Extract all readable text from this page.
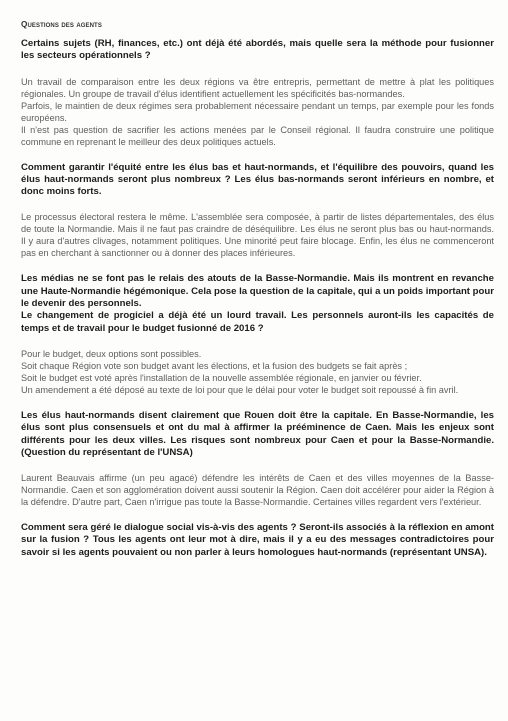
Questions des agents

Certains sujets (RH, finances, etc.) ont déjà été abordés, mais quelle sera la méthode pour fusionner les secteurs opérationnels ?

Un travail de comparaison entre les deux régions va être entrepris, permettant de mettre à plat les politiques régionales. Un groupe de travail d'élus identifient actuellement les spécificités bas-normandes.

Parfois, le maintien de deux régimes sera probablement nécessaire pendant un temps, par exemple pour les fonds européens.

Il n'est pas question de sacrifier les actions menées par le Conseil régional. Il faudra construire une politique commune en reprenant le meilleur des deux politiques actuels.

Comment garantir l'équité entre les élus bas et haut-normands, et l'équilibre des pouvoirs, quand les élus haut-normands seront plus nombreux ? Les élus bas-normands seront inférieurs en nombre, et donc moins forts.

Le processus électoral restera le même. L'assemblée sera composée, à partir de listes départementales, des élus de toute la Normandie. Mais il ne faut pas craindre de déséquilibre. Les élus ne seront plus bas ou haut-normands. Il y aura d'autres clivages, notamment politiques. Une minorité peut faire blocage. Enfin, les élus ne commenceront pas en cherchant à sanctionner ou à donner des places inférieures.

Les médias ne se font pas le relais des atouts de la Basse-Normandie. Mais ils montrent en revanche une Haute-Normandie hégémonique. Cela pose la question de la capitale, qui a un poids important pour le devenir des personnels.

Le changement de progiciel a déjà été un lourd travail. Les personnels auront-ils les capacités de temps et de travail pour le budget fusionné de 2016 ?

Pour le budget, deux options sont possibles.

Soit chaque Région vote son budget avant les élections, et la fusion des budgets se fait après ;

Soit le budget est voté après l'installation de la nouvelle assemblée régionale, en janvier ou février.

Un amendement a été déposé au texte de loi pour que le délai pour voter le budget soit repoussé à fin avril.

Les élus haut-normands disent clairement que Rouen doit être la capitale. En Basse-Normandie, les élus sont plus consensuels et ont du mal à affirmer la prééminence de Caen. Mais les enjeux sont différents pour les deux villes. Les risques sont nombreux pour Caen et pour la Basse-Normandie. (Question du représentant de l'UNSA)

Laurent Beauvais affirme (un peu agacé) défendre les intérêts de Caen et des villes moyennes de la Basse-Normandie. Caen et son agglomération doivent aussi soutenir la Région. Caen doit accélérer pour aider la Région à la défendre. D'autre part, Caen n'irrigue pas toute la Basse-Normandie. Certaines villes regardent vers l'extérieur.

Comment sera géré le dialogue social vis-à-vis des agents ? Seront-ils associés à la réflexion en amont sur la fusion ? Tous les agents ont leur mot à dire, mais il y a eu des messages contradictoires pour savoir si les agents pouvaient ou non parler à leurs homologues haut-normands (représentant UNSA).
